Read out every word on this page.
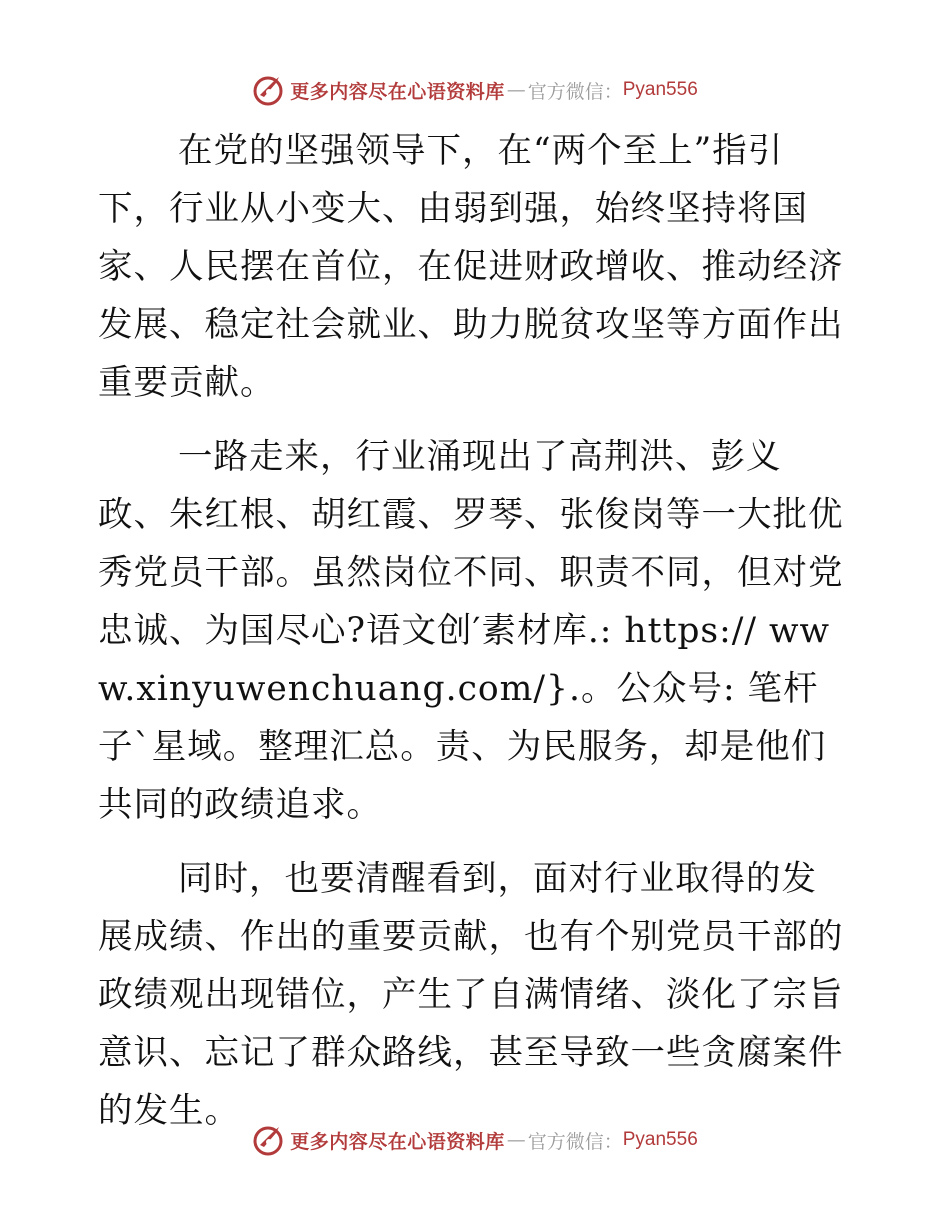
更多内容尽在心语资料库 — 官方微信： Pyan556

在党的坚强领导下，在“两个至上”指引下，行业从小变大、由弱到强，始终坚持将国家、人民摆在首位，在促进财政增收、推动经济发展、稳定社会就业、助力脱贫攻坚等方面作出重要贡献。

一路走来，行业涌现出了高荆洪、彭义政、朱红根、胡红霞、罗琴、张俊岗等一大批优秀党员干部。虽然岗位不同、职责不同，但对党忠诚、为国尽心?语文创′素材库.: https:// www.xinyuwenchuang.com/}.。公众号: 笔杆子`星域。整理汇总。责、为民服务，却是他们共同的政绩追求。

同时，也要清醒看到，面对行业取得的发展成绩、作出的重要贡献，也有个别党员干部的政绩观出现错位，产生了自满情绪、淡化了宗旨意识、忘记了群众路线，甚至导致一些贪腐案件的发生。

更多内容尽在心语资料库 — 官方微信： Pyan556
